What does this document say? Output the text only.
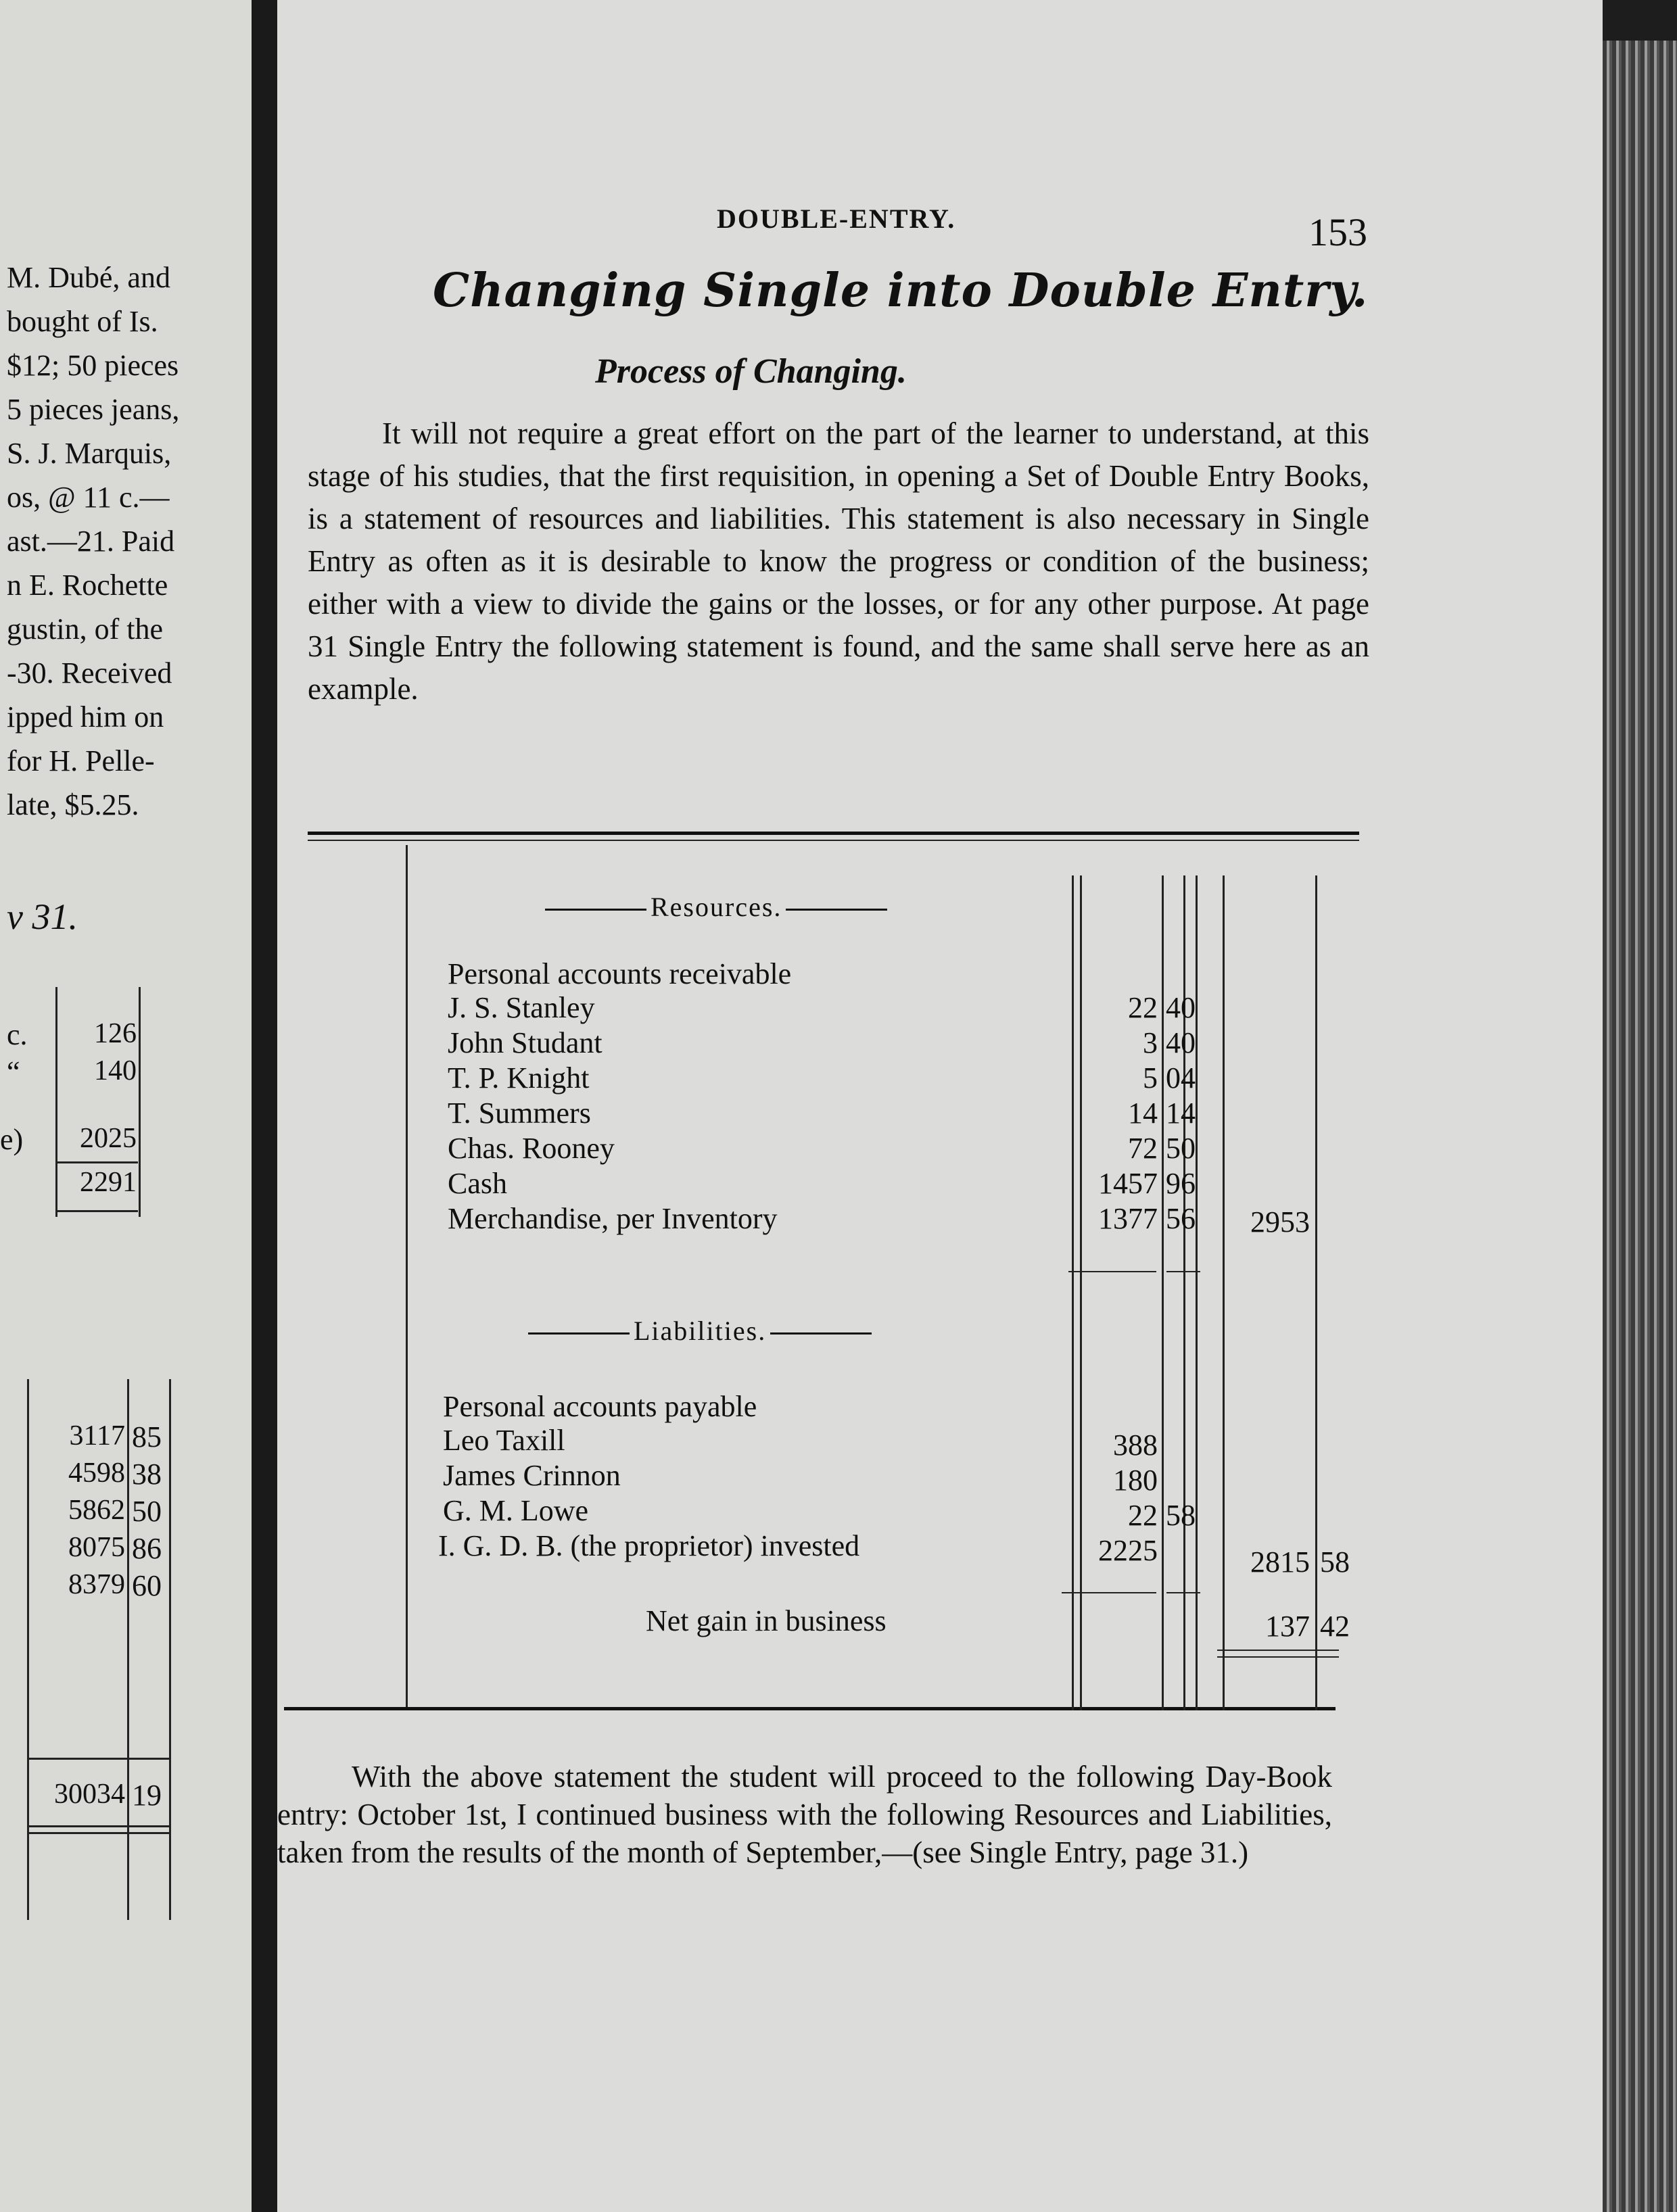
M. Dubé, and
bought of Is.
$12; 50 pieces
5 pieces jeans,
S. J. Marquis,
os, @ 11 c.—
ast.—21. Paid
n E. Rochette
gustin, of the
-30. Received
ipped him on
for H. Pelle-
late, $5.25.
v 31.
c.	126
“	140
e)	2025
2291
3117 85
4598 38
5862 50
8075 86
8379 60
30034 19
DOUBLE-ENTRY.	153
Changing Single into Double Entry.
Process of Changing.
It will not require a great effort on the part of the learner to understand, at this stage of his studies, that the first requisition, in opening a Set of Double Entry Books, is a statement of resources and liabilities. This statement is also necessary in Single Entry as often as it is desirable to know the progress or condition of the business; either with a view to divide the gains or the losses, or for any other purpose. At page 31 Single Entry the following statement is found, and the same shall serve here as an example.
Resources.
Personal accounts receivable
J. S. Stanley	22 40
John Studant	3 40
T. P. Knight	5 04
T. Summers	14 14
Chas. Rooney	72 50
Cash	1457 96
Merchandise, per Inventory	1377 56	2953
Liabilities.
Personal accounts payable
Leo Taxill	388
James Crinnon	180
G. M. Lowe	22 58
I. G. D. B. (the proprietor) invested	2225	2815 58
Net gain in business	137 42
With the above statement the student will proceed to the following Day-Book entry: October 1st, I continued business with the following Resources and Liabilities, taken from the results of the month of September,—(see Single Entry, page 31.)
